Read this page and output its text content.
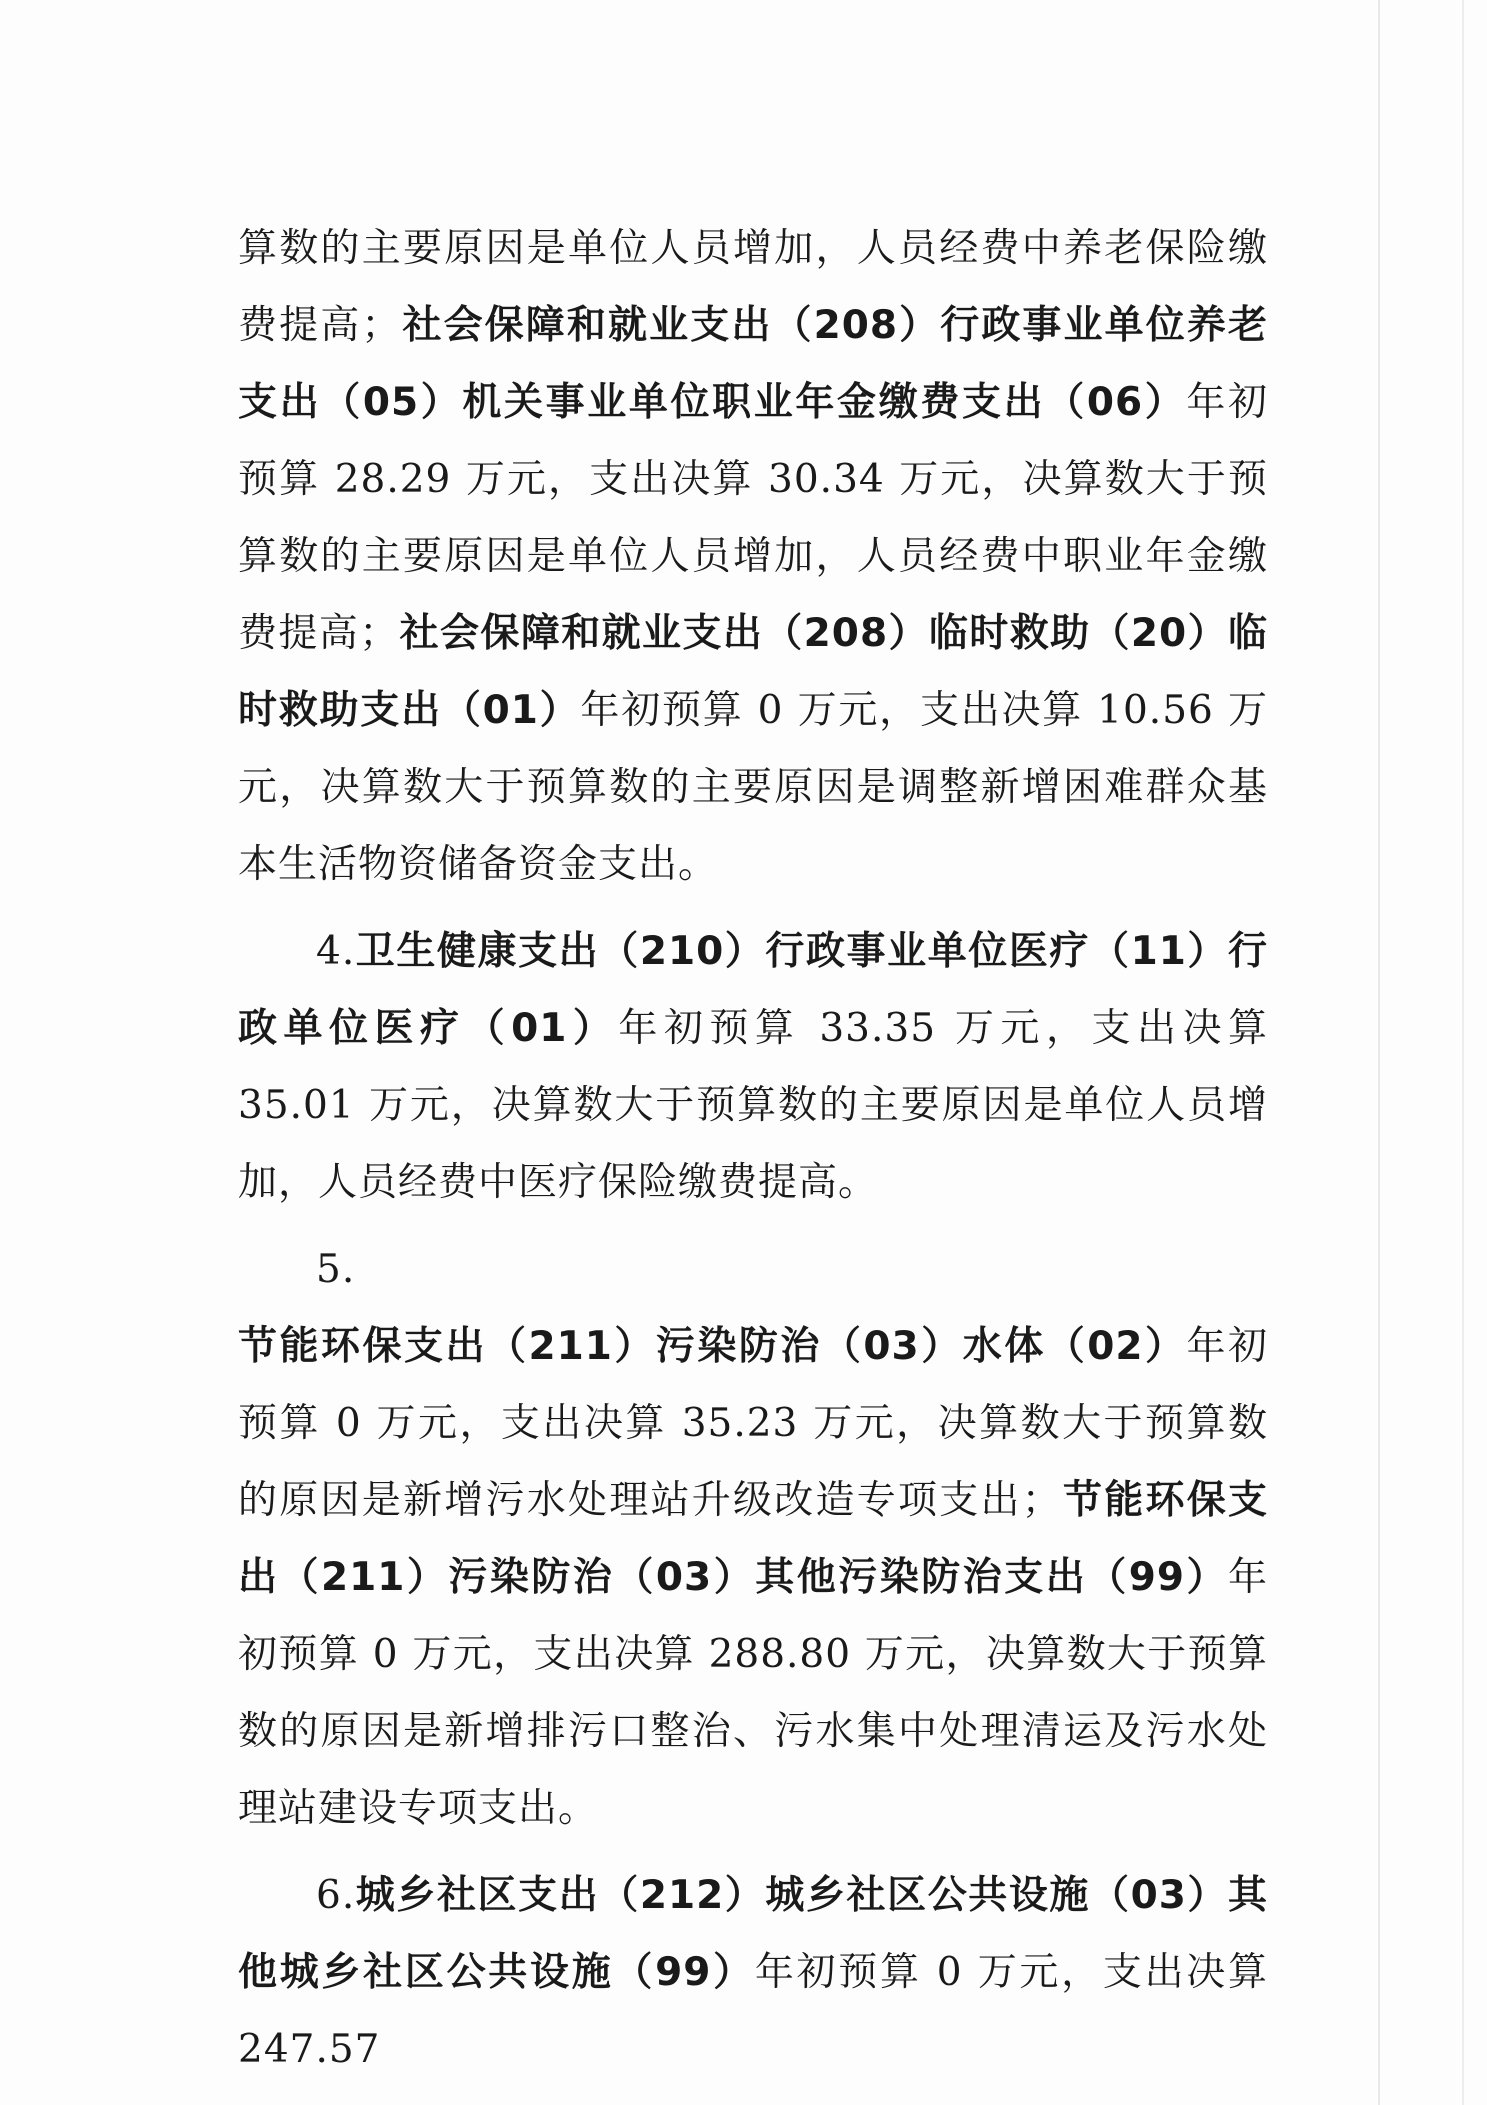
算数的主要原因是单位人员增加，人员经费中养老保险缴费提高；社会保障和就业支出（208）行政事业单位养老支出（05）机关事业单位职业年金缴费支出（06）年初预算 28.29 万元，支出决算 30.34 万元，决算数大于预算数的主要原因是单位人员增加，人员经费中职业年金缴费提高；社会保障和就业支出（208）临时救助（20）临时救助支出（01）年初预算 0 万元，支出决算 10.56 万元，决算数大于预算数的主要原因是调整新增困难群众基本生活物资储备资金支出。

4.卫生健康支出（210）行政事业单位医疗（11）行政单位医疗（01）年初预算 33.35 万元，支出决算 35.01 万元，决算数大于预算数的主要原因是单位人员增加，人员经费中医疗保险缴费提高。

5.节能环保支出（211）污染防治（03）水体（02）年初预算 0 万元，支出决算 35.23 万元，决算数大于预算数的原因是新增污水处理站升级改造专项支出；节能环保支出（211）污染防治（03）其他污染防治支出（99）年初预算 0 万元，支出决算 288.80 万元，决算数大于预算数的原因是新增排污口整治、污水集中处理清运及污水处理站建设专项支出。

6.城乡社区支出（212）城乡社区公共设施（03）其他城乡社区公共设施（99）年初预算 0 万元，支出决算 247.57
